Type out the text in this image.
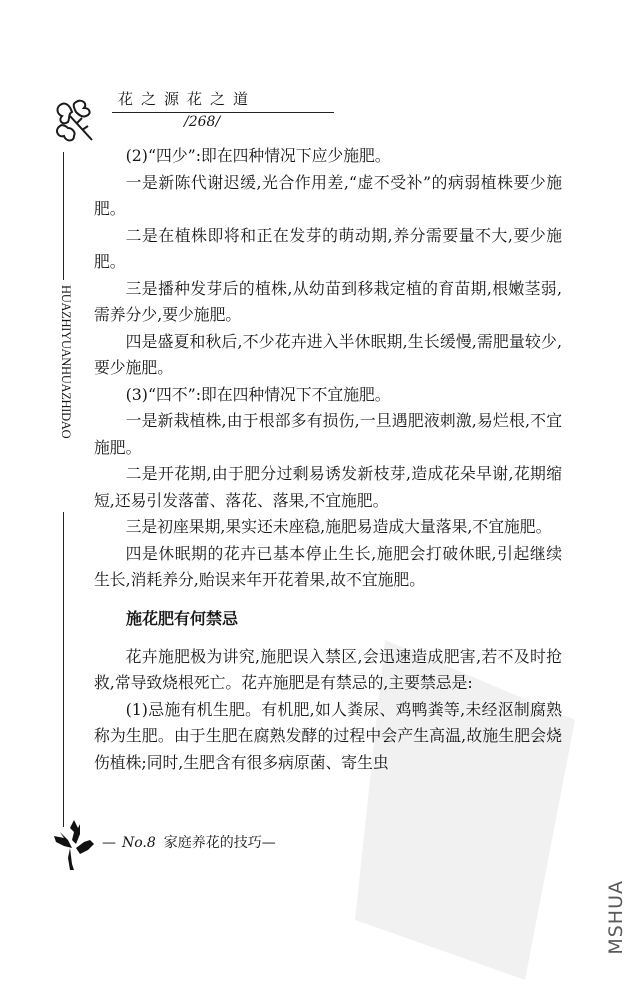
花之源花之道
/268/
HUAZHIYUANHUAZHIDAO

(2)“四少”:即在四种情况下应少施肥。

一是新陈代谢迟缓,光合作用差,“虚不受补”的病弱植株要少施肥。

二是在植株即将和正在发芽的萌动期,养分需要量不大,要少施肥。

三是播种发芽后的植株,从幼苗到移栽定植的育苗期,根嫩茎弱,需养分少,要少施肥。

四是盛夏和秋后,不少花卉进入半休眠期,生长缓慢,需肥量较少,要少施肥。

(3)“四不”:即在四种情况下不宜施肥。

一是新栽植株,由于根部多有损伤,一旦遇肥液刺激,易烂根,不宜施肥。

二是开花期,由于肥分过剩易诱发新枝芽,造成花朵早谢,花期缩短,还易引发落蕾、落花、落果,不宜施肥。

三是初座果期,果实还未座稳,施肥易造成大量落果,不宜施肥。

四是休眠期的花卉已基本停止生长,施肥会打破休眠,引起继续生长,消耗养分,贻误来年开花着果,故不宜施肥。

施花肥有何禁忌

花卉施肥极为讲究,施肥误入禁区,会迅速造成肥害,若不及时抢救,常导致烧根死亡。花卉施肥是有禁忌的,主要禁忌是:

(1)忌施有机生肥。有机肥,如人粪尿、鸡鸭粪等,未经沤制腐熟称为生肥。由于生肥在腐熟发酵的过程中会产生高温,故施生肥会烧伤植株;同时,生肥含有很多病原菌、寄生虫

— No.8 家庭养花的技巧—
MSHUA
